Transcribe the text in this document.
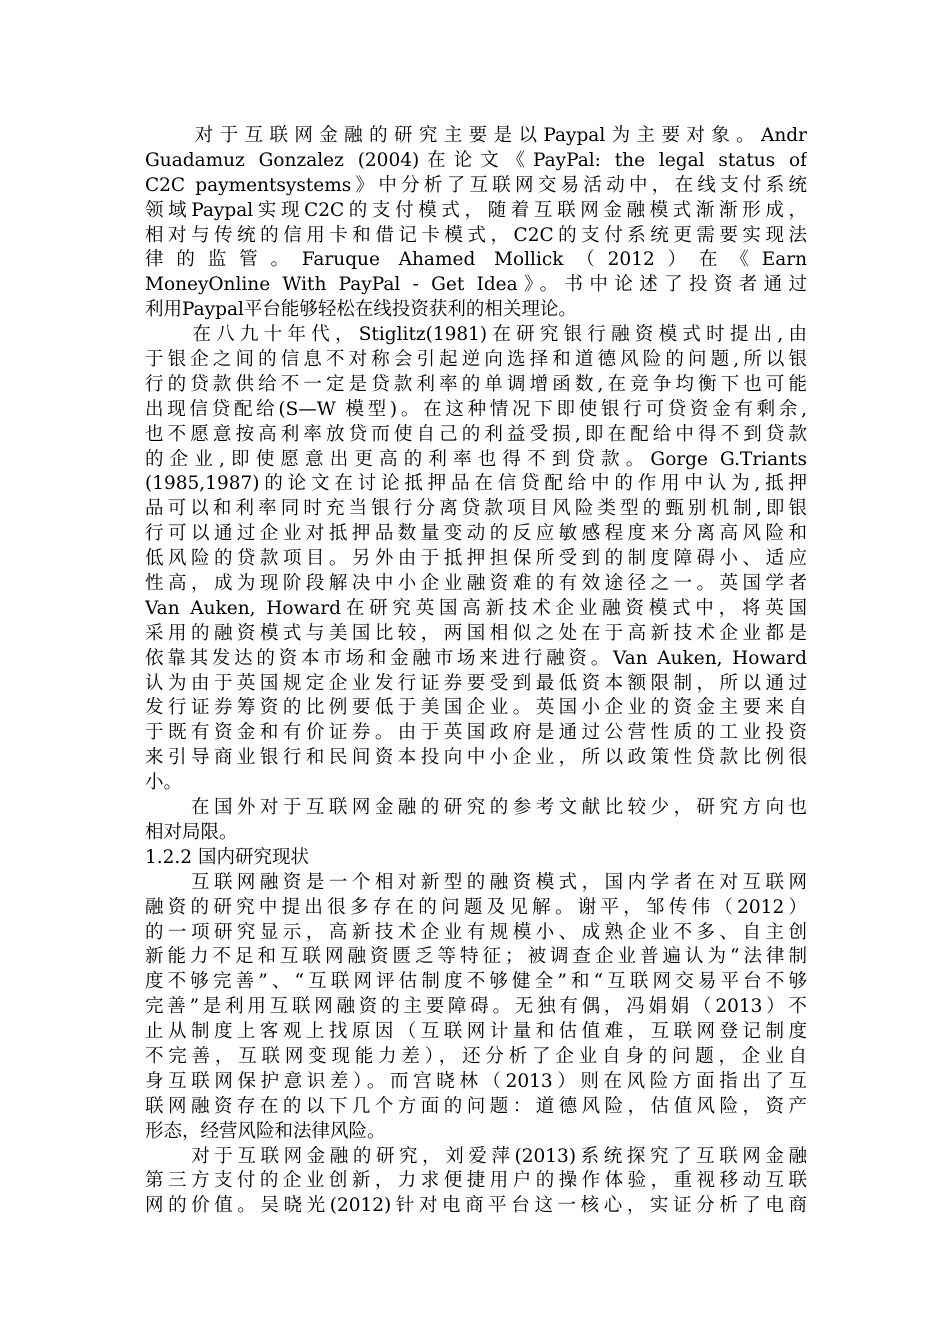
　　对于互联网金融的研究主要是以Paypal为主要对象。Andr
Guadamuz Gonzalez (2004)在论文《PayPal: the legal status of
C2C paymentsystems》中分析了互联网交易活动中，在线支付系统
领域Paypal实现C2C的支付模式，随着互联网金融模式渐渐形成，
相对与传统的信用卡和借记卡模式，C2C的支付系统更需要实现法
律的监管。Faruque Ahamed Mollick（2012）在《Earn
MoneyOnline With PayPal - Get Idea》。书中论述了投资者通过
利用Paypal平台能够轻松在线投资获利的相关理论。
　　在八九十年代，Stiglitz(1981)在研究银行融资模式时提出,由
于银企之间的信息不对称会引起逆向选择和道德风险的问题,所以银
行的贷款供给不一定是贷款利率的单调增函数,在竞争均衡下也可能
出现信贷配给(S—W 模型)。在这种情况下即使银行可贷资金有剩余,
也不愿意按高利率放贷而使自己的利益受损,即在配给中得不到贷款
的企业,即使愿意出更高的利率也得不到贷款。Gorge G.Triants
(1985,1987)的论文在讨论抵押品在信贷配给中的作用中认为,抵押
品可以和利率同时充当银行分离贷款项目风险类型的甄别机制,即银
行可以通过企业对抵押品数量变动的反应敏感程度来分离高风险和
低风险的贷款项目。另外由于抵押担保所受到的制度障碍小、适应
性高，成为现阶段解决中小企业融资难的有效途径之一。英国学者
Van Auken, Howard在研究英国高新技术企业融资模式中，将英国
采用的融资模式与美国比较，两国相似之处在于高新技术企业都是
依靠其发达的资本市场和金融市场来进行融资。Van Auken, Howard
认为由于英国规定企业发行证券要受到最低资本额限制，所以通过
发行证券筹资的比例要低于美国企业。英国小企业的资金主要来自
于既有资金和有价证券。由于英国政府是通过公营性质的工业投资
来引导商业银行和民间资本投向中小企业，所以政策性贷款比例很
小。
　　在国外对于互联网金融的研究的参考文献比较少，研究方向也
相对局限。
1.2.2 国内研究现状
　　互联网融资是一个相对新型的融资模式，国内学者在对互联网
融资的研究中提出很多存在的问题及见解。谢平，邹传伟（2012）
的一项研究显示，高新技术企业有规模小、成熟企业不多、自主创
新能力不足和互联网融资匮乏等特征；被调查企业普遍认为“法律制
度不够完善”、“互联网评估制度不够健全”和“互联网交易平台不够
完善”是利用互联网融资的主要障碍。无独有偶，冯娟娟（2013）不
止从制度上客观上找原因（互联网计量和估值难，互联网登记制度
不完善，互联网变现能力差），还分析了企业自身的问题，企业自
身互联网保护意识差）。而宫晓林（2013）则在风险方面指出了互
联网融资存在的以下几个方面的问题：道德风险，估值风险，资产
形态，经营风险和法律风险。
　　对于互联网金融的研究，刘爱萍(2013)系统探究了互联网金融
第三方支付的企业创新，力求便捷用户的操作体验，重视移动互联
网的价值。吴晓光(2012)针对电商平台这一核心，实证分析了电商
